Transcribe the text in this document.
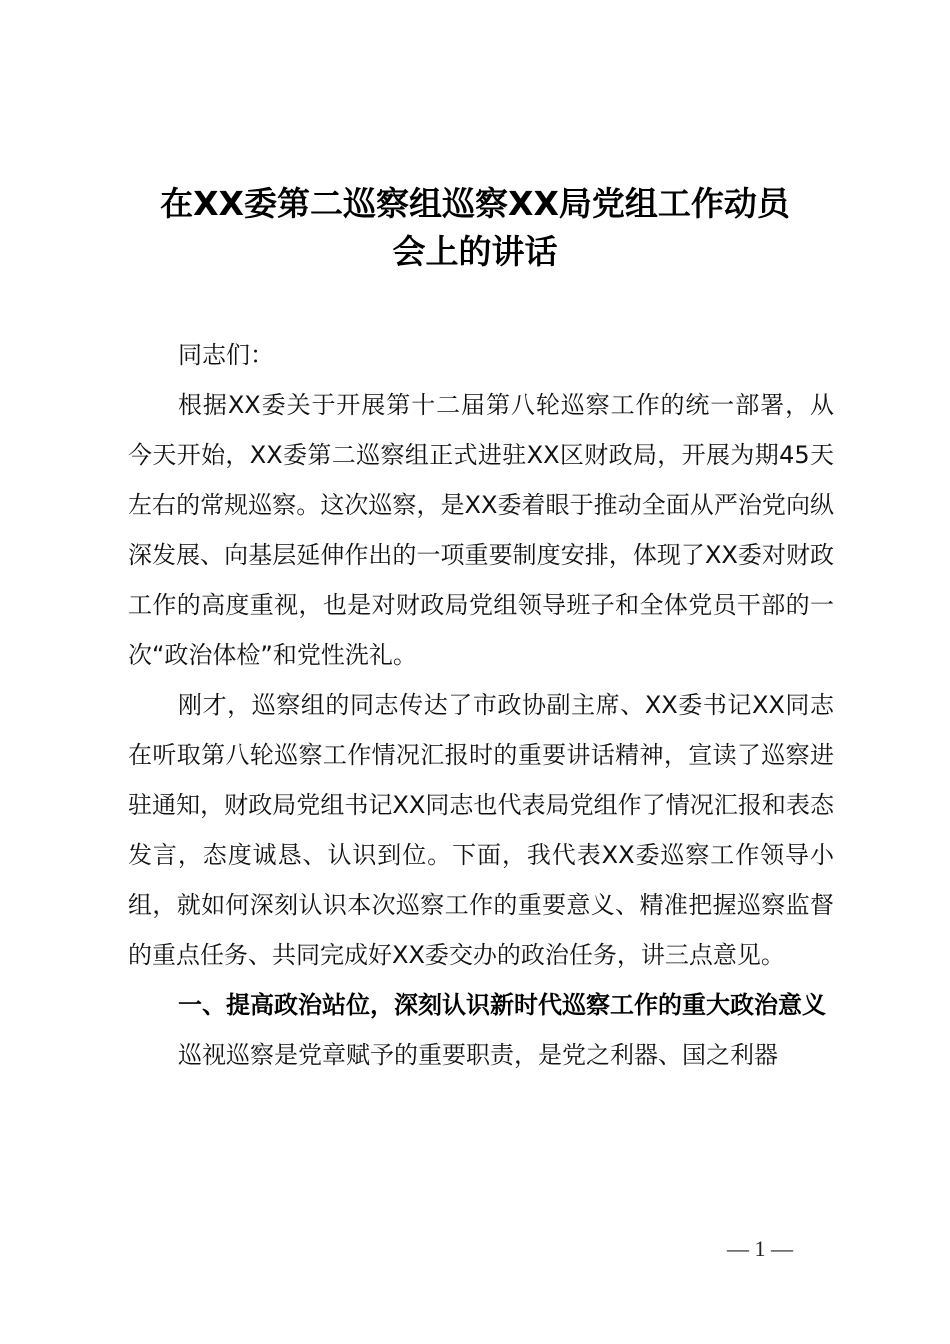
在XX委第二巡察组巡察XX局党组工作动员
会上的讲话

同志们：

根据XX委关于开展第十二届第八轮巡察工作的统一部署，从今天开始，XX委第二巡察组正式进驻XX区财政局，开展为期45天左右的常规巡察。这次巡察，是XX委着眼于推动全面从严治党向纵深发展、向基层延伸作出的一项重要制度安排，体现了XX委对财政工作的高度重视，也是对财政局党组领导班子和全体党员干部的一次“政治体检”和党性洗礼。

刚才，巡察组的同志传达了市政协副主席、XX委书记XX同志在听取第八轮巡察工作情况汇报时的重要讲话精神，宣读了巡察进驻通知，财政局党组书记XX同志也代表局党组作了情况汇报和表态发言，态度诚恳、认识到位。下面，我代表XX委巡察工作领导小组，就如何深刻认识本次巡察工作的重要意义、精准把握巡察监督的重点任务、共同完成好XX委交办的政治任务，讲三点意见。

一、提高政治站位，深刻认识新时代巡察工作的重大政治意义

巡视巡察是党章赋予的重要职责，是党之利器、国之利器

— 1 —
